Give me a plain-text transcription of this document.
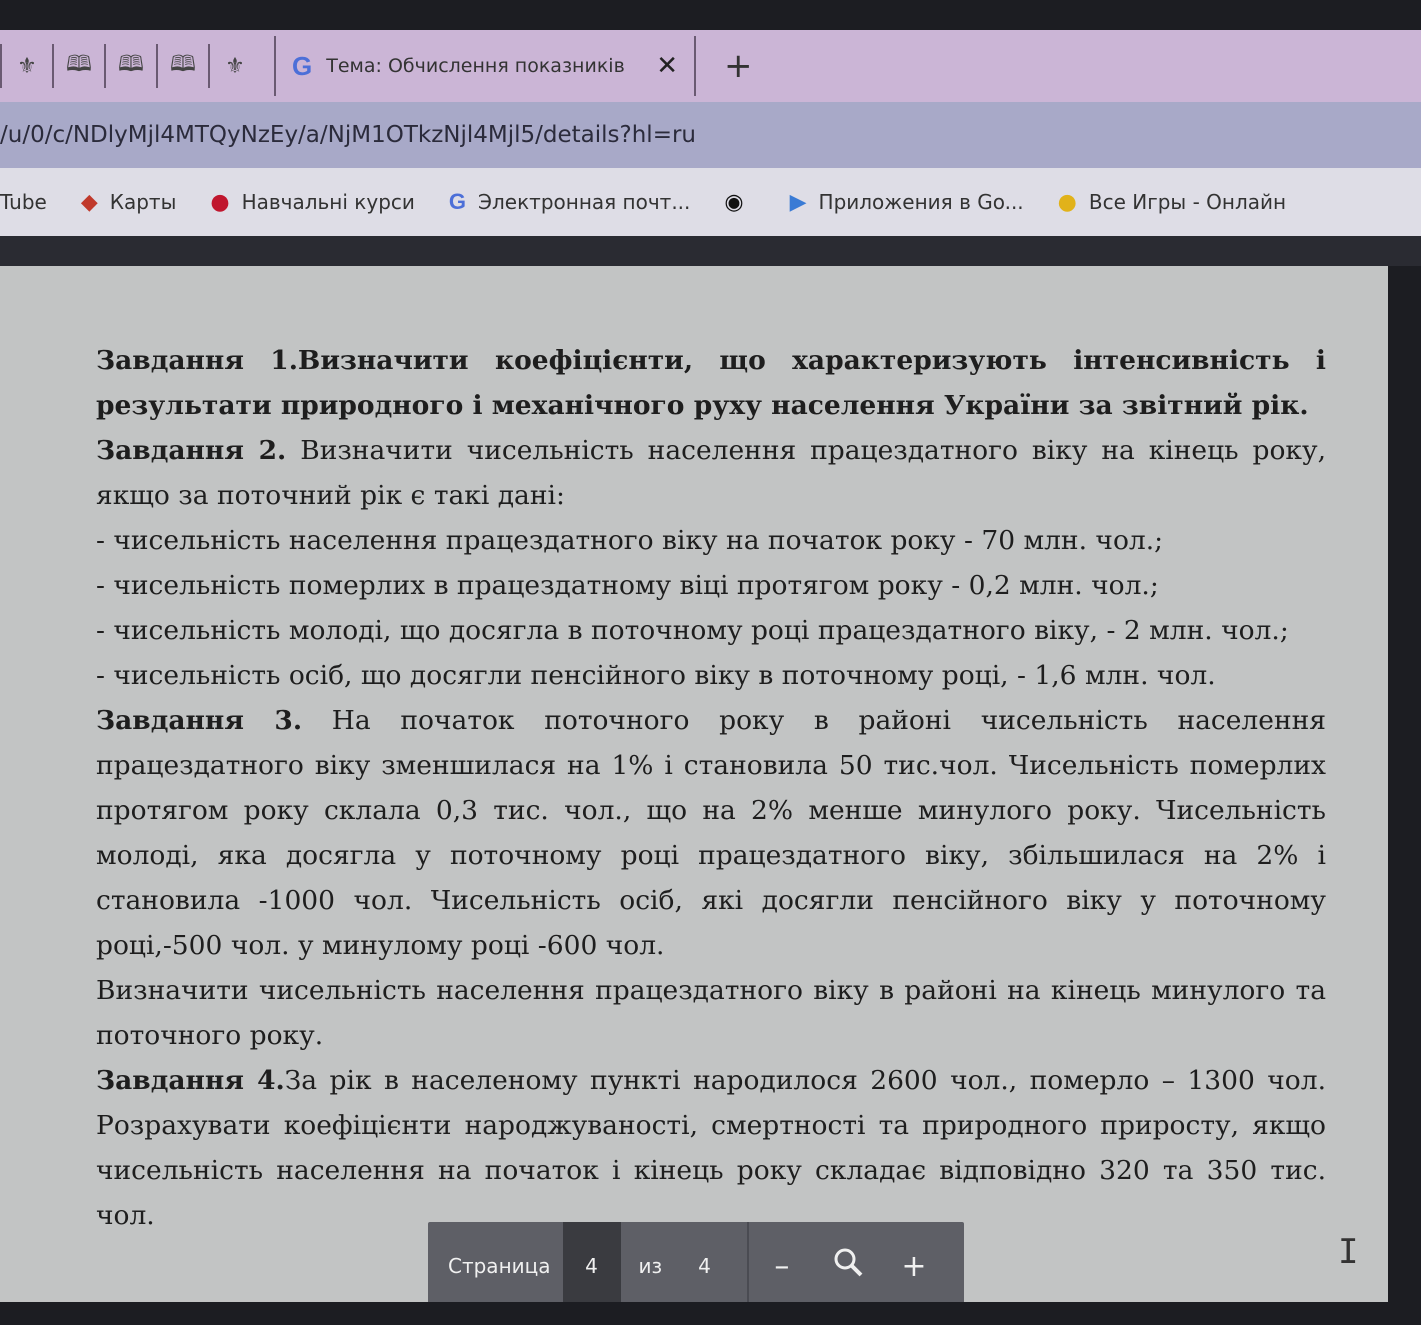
⚜ 🕮 🕮 🕮 ⚜ G Тема: Обчислення показників ✕ +
/u/0/c/NDlyMjl4MTQyNzEy/a/NjM1OTkzNjl4Mjl5/details?hl=ru
Tube ◆ Карты ● Навчальні курси G Электронная почт... ◉ ▶ Приложения в Go... ● Все Игры - Онлайн

Завдання 1.Визначити коефіцієнти, що характеризують інтенсивність і результати природного і механічного руху населення України за звітний рік.

Завдання 2. Визначити чисельність населення працездатного віку на кінець року, якщо за поточний рік є такі дані:

- чисельність населення працездатного віку на початок року - 70 млн. чол.;

- чисельність померлих в працездатному віці протягом року - 0,2 млн. чол.;

- чисельність молоді, що досягла в поточному році працездатного віку, - 2 млн. чол.;

- чисельність осіб, що досягли пенсійного віку в поточному році, - 1,6 млн. чол.

Завдання 3. На початок поточного року в районі чисельність населення працездатного віку зменшилася на 1% і становила 50 тис.чол. Чисельність померлих протягом року склала 0,3 тис. чол., що на 2% менше минулого року. Чисельність молоді, яка досягла у поточному році працездатного віку, збільшилася на 2% і становила -1000 чол. Чисельність осіб, які досягли пенсійного віку у поточному році,-500 чол. у минулому році -600 чол.

Визначити чисельність населення працездатного віку в районі на кінець минулого та поточного року.

Завдання 4.За рік в населеному пункті народилося 2600 чол., померло – 1300 чол. Розрахувати коефіцієнти народжуваності, смертності та природного приросту, якщо чисельність населення на початок і кінець року складає відповідно 320 та 350 тис. чол.

Страница	4	из 4	–	+	I
